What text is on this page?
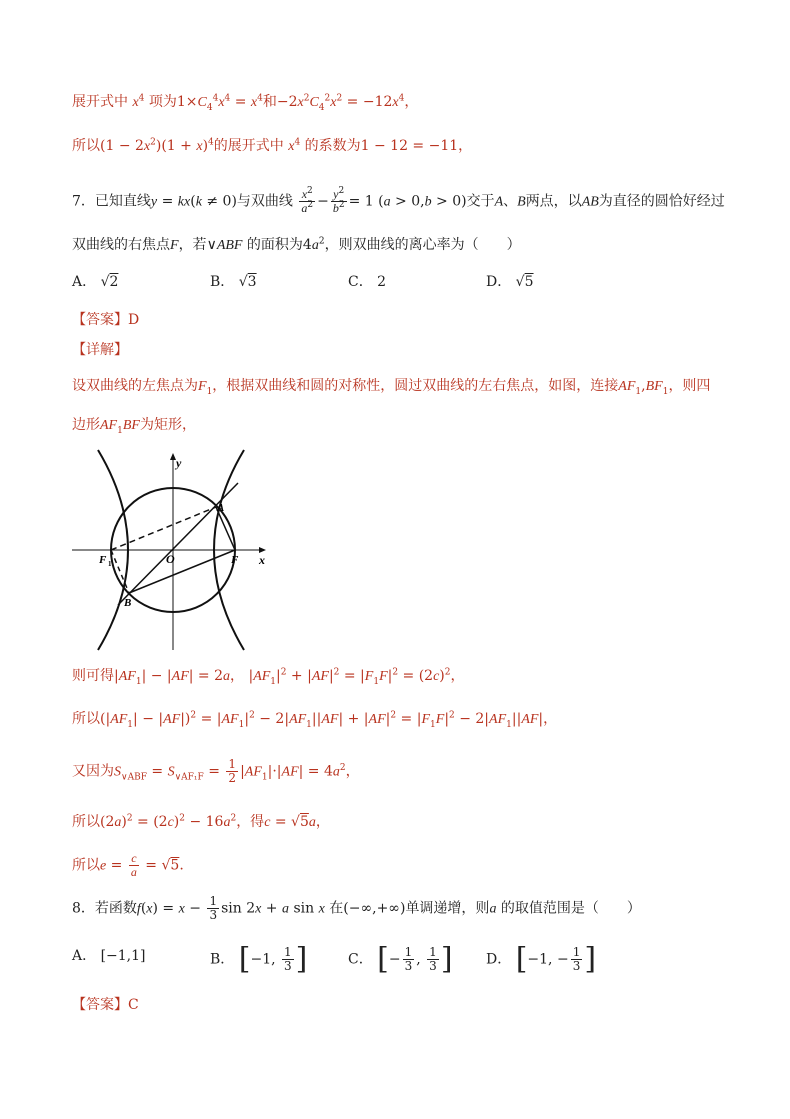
展开式中 $x^4$ 项为$1\times C_4^4x^4 = x^4$和$-2x^2C_4^2x^2 = -12x^4$，
所以$(1 - 2x^2)(1 + x)^4$的展开式中 $x^4$ 的系数为1 − 12 = −11，
7．已知直线y = kx(k ≠ 0)与双曲线 $\frac{x^2}{a^2} - \frac{y^2}{b^2} = 1$ (a > 0,b > 0)交于A、B两点，以AB为直径的圆恰好经过
双曲线的右焦点F，若∨ABF 的面积为$4a^2$，则双曲线的离心率为（　　）
A． √2	B． √3	C． 2	D． √5
【答案】D
【详解】
设双曲线的左焦点为$F_1$，根据双曲线和圆的对称性，圆过双曲线的左右焦点，如图，连接$AF_1,BF_1$，则四
边形$AF_1BF$为矩形，
y
x
O
A
B
F
F 1
则可得$|AF_1| - |AF| = 2a$， $|AF_1|^2 + |AF|^2 = |F_1F|^2 = (2c)^2$，
所以$(|AF_1| - |AF|)^2 = |AF_1|^2 - 2|AF_1||AF| + |AF|^2 = |F_1F|^2 - 2|AF_1||AF|$，
又因为$S_{\vee ABF} = S_{\vee AF_1F} = \frac{1}{2} |AF_1|\cdot|AF| = 4a^2$，
所以$(2a)^2 = (2c)^2 - 16a^2$，得c = √5a，
所以$e = \frac{c}{a} = √5$.
8．若函数$f(x) = x - \frac{1}{3}$ sin 2x + a sin x 在(−∞,+∞)单调递增，则a 的取值范围是（　　）
A． [−1,1]	B． [−1, $\frac{1}{3}$ ]	C． [− $\frac{1}{3}$ , $\frac{1}{3}$ ] D． [−1, − $\frac{1}{3}$ ]
【答案】C
